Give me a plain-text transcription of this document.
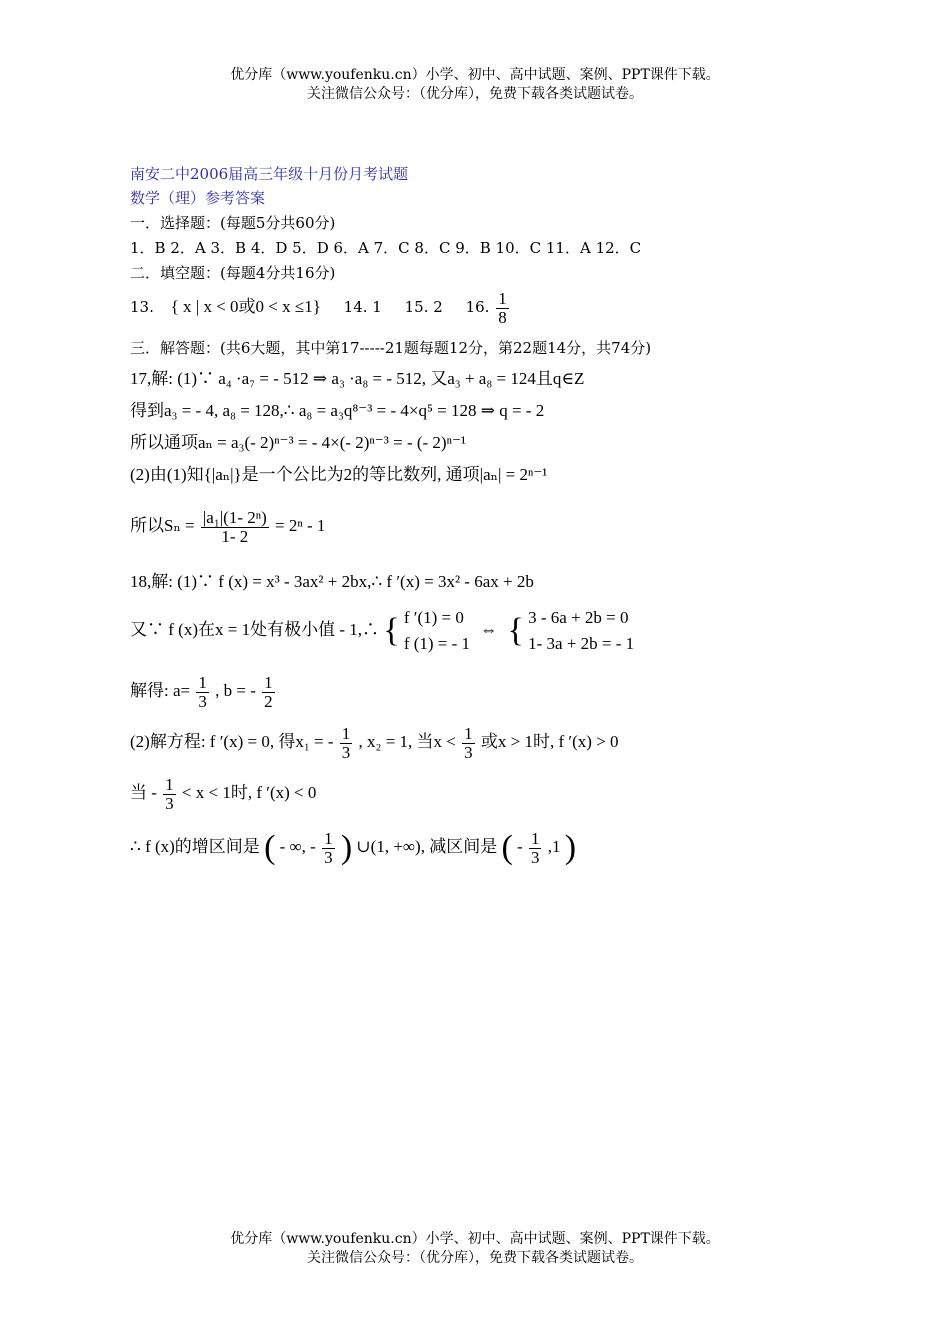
优分库（www.youfenku.cn）小学、初中、高中试题、案例、PPT课件下载。
关注微信公众号：（优分库），免费下载各类试题试卷。
南安二中2006届高三年级十月份月考试题
数学（理）参考答案
一．选择题：(每题5分共60分)
1．B 2．A 3．B 4．D 5．D 6．A 7．C 8．C 9．B 10．C 11．A 12．C
二．填空题：(每题4分共16分)
13. { x | x < 0或0 < x ≤1} 14. 1 15. 2 16. $\frac{1}{8}$
三．解答题：(共6大题，其中第17-----21题每题12分，第22题14分，共74分)
17,解: (1)∵ a₄ ·a₇ = - 512 ⇒ a₃ ·a₈ = - 512, 又a₃ + a₈ = 124且q∈Z
得到a₃ = - 4, a₈ = 128,∴ a₈ = a₃q⁸⁻³ = - 4×q⁵ = 128 ⇒ q = - 2
所以通项aₙ = a₃(- 2)ⁿ⁻³ = - 4×(- 2)ⁿ⁻³ = - (- 2)ⁿ⁻¹
(2)由(1)知{|aₙ|}是一个公比为2的等比数列, 通项|aₙ| = 2ⁿ⁻¹
所以$S_n = \frac{\text{|a₁|(1- 2ⁿ)}}{1- 2} = 2^n - 1$
18,解: (1)∵ f (x) = x³ - 3ax² + 2bx,∴ f ′(x) = 3x² - 6ax + 2b
又∵ f (x)在x = 1处有极小值 - 1,∴ { f ′(1) = 0
f (1) = - 1
⇔ { 3 - 6a + 2b = 0
1- 3a + 2b = - 1
解得: $a= \frac{1}{3}$ , b = - $\frac{1}{2}$
(2)解方程: f ′(x) = 0, 得x₁ = - $\frac{1}{3}$ , x₂ = 1, 当$x < \frac{1}{3}$ 或x > 1时, f ′(x) > 0
当 - $\frac{1}{3} < x < 1$时, f ′(x) < 0
∴ f (x)的增区间是 ( - ∞, - $\frac{1}{3}$ ) ∪(1, +∞), 减区间是 ( - $\frac{1}{3} ,1$ )
优分库（www.youfenku.cn）小学、初中、高中试题、案例、PPT课件下载。
关注微信公众号：（优分库），免费下载各类试题试卷。
